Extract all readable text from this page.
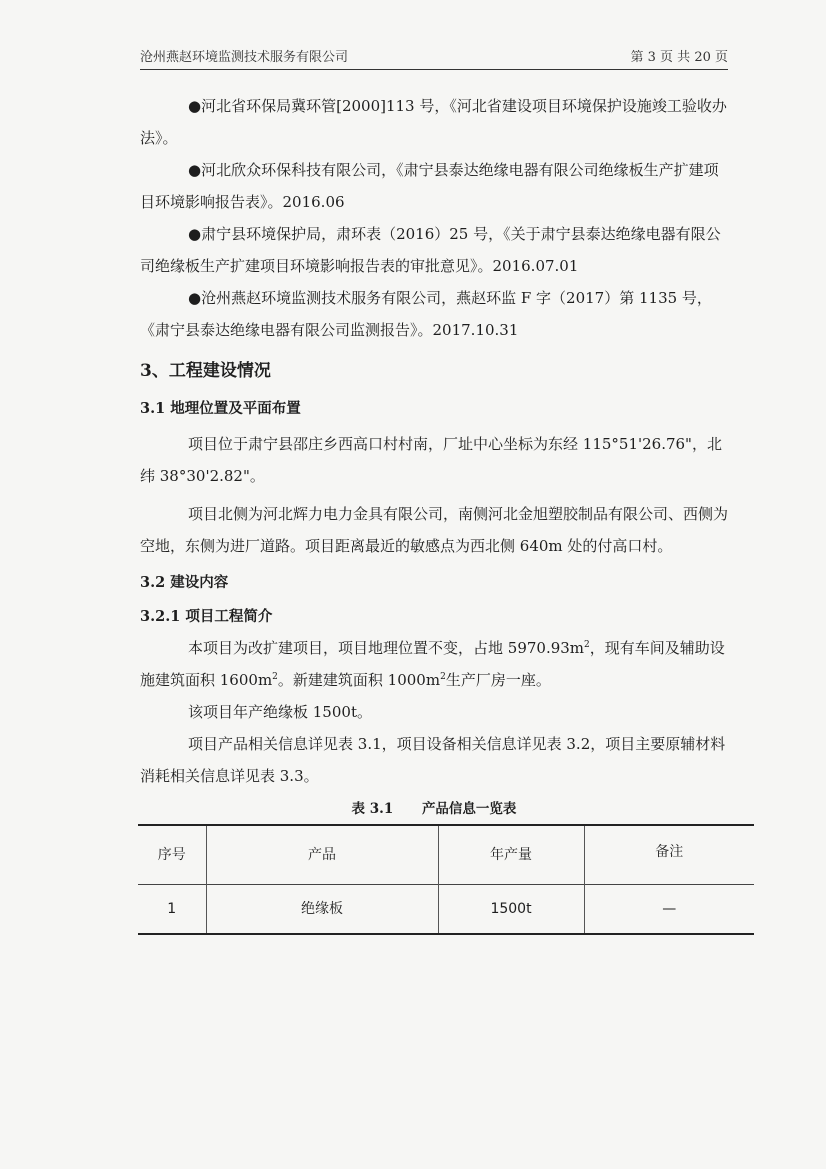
沧州燕赵环境监测技术服务有限公司	第 3 页 共 20 页

●河北省环保局冀环管[2000]113 号，《河北省建设项目环境保护设施竣工验收办法》。

●河北欣众环保科技有限公司，《肃宁县泰达绝缘电器有限公司绝缘板生产扩建项目环境影响报告表》。2016.06

●肃宁县环境保护局，肃环表（2016）25 号，《关于肃宁县泰达绝缘电器有限公司绝缘板生产扩建项目环境影响报告表的审批意见》。2016.07.01

●沧州燕赵环境监测技术服务有限公司，燕赵环监 F 字（2017）第 1135 号，《肃宁县泰达绝缘电器有限公司监测报告》。2017.10.31

3、工程建设情况
3.1 地理位置及平面布置

项目位于肃宁县邵庄乡西高口村村南，厂址中心坐标为东经 115°51'26.76"，北纬 38°30'2.82"。

项目北侧为河北辉力电力金具有限公司，南侧河北金旭塑胶制品有限公司、西侧为空地，东侧为进厂道路。项目距离最近的敏感点为西北侧 640m 处的付高口村。

3.2 建设内容
3.2.1 项目工程简介

本项目为改扩建项目，项目地理位置不变，占地 $5970.93m^2$，现有车间及辅助设施建筑面积 $1600m^2$。新建建筑面积 $1000m^2$生产厂房一座。

该项目年产绝缘板 1500t。

项目产品相关信息详见表 3.1，项目设备相关信息详见表 3.2，项目主要原辅材料消耗相关信息详见表 3.3。

表 3.1 产品信息一览表
序号	产品	年产量	备注
1	绝缘板	1500t	—
